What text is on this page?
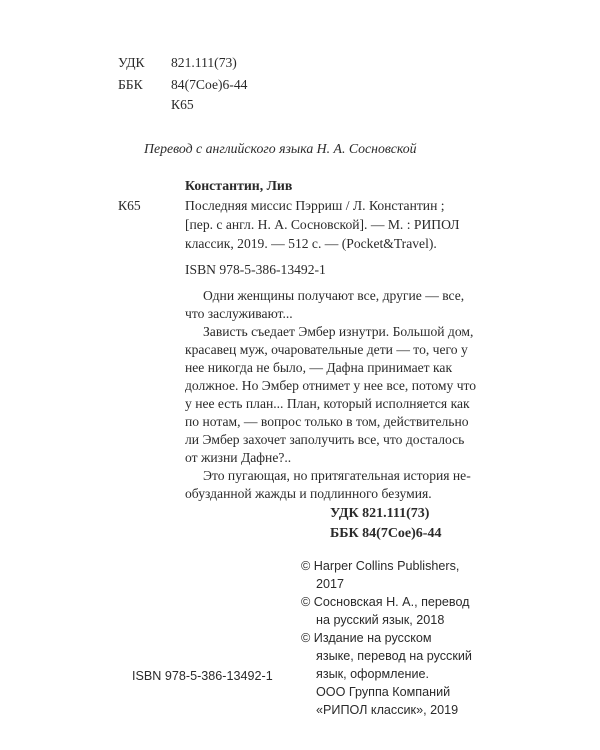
УДК	821.111(73)
ББК 84(7Сое)6-44
К65
Перевод с английского языка Н. А. Сосновской
Константин, Лив
К65	Последняя миссис Пэрриш / Л. Константин ;
[пер. с англ. Н. А. Сосновской]. — М. : РИПОЛ
классик, 2019. — 512 с. — (Pocket&Travel).
ISBN 978-5-386-13492-1
Одни женщины получают все, другие — все,
что заслуживают...
Зависть съедает Эмбер изнутри. Большой дом,
красавец муж, очаровательные дети — то, чего у
нее никогда не было, — Дафна принимает как
должное. Но Эмбер отнимет у нее все, потому что
у нее есть план... План, который исполняется как
по нотам, — вопрос только в том, действительно
ли Эмбер захочет заполучить все, что досталось
от жизни Дафне?..
Это пугающая, но притягательная история не-
обузданной жажды и подлинного безумия.
УДК 821.111(73)
ББК 84(7Сое)6-44
ISBN 978-5-386-13492-1
© Harper Collins Publishers,
2017
© Сосновская Н. А., перевод
на русский язык, 2018
© Издание на русском
языке, перевод на русский
язык, оформление.
ООО Группа Компаний
«РИПОЛ классик», 2019
